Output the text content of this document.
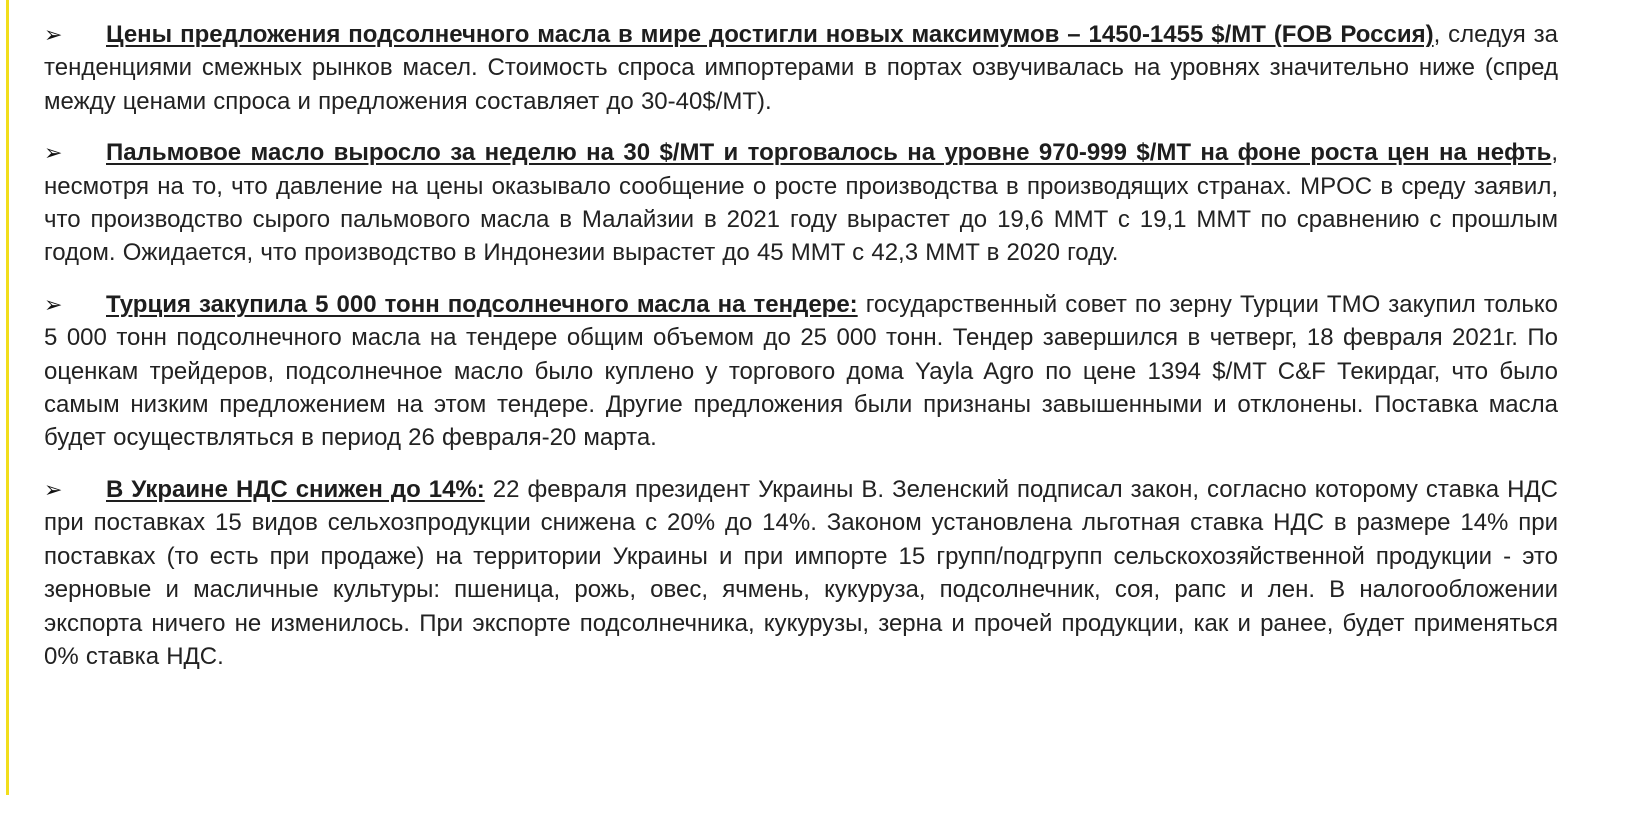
➢ Цены предложения подсолнечного масла в мире достигли новых максимумов – 1450-1455 $/MT (FOB Россия), следуя за тенденциями смежных рынков масел. Стоимость спроса импортерами в портах озвучивалась на уровнях значительно ниже (спред между ценами спроса и предложения составляет до 30-40$/MT).

➢ Пальмовое масло выросло за неделю на 30 $/MT и торговалось на уровне 970-999 $/MT на фоне роста цен на нефть, несмотря на то, что давление на цены оказывало сообщение о росте производства в производящих странах. MPOC в среду заявил, что производство сырого пальмового масла в Малайзии в 2021 году вырастет до 19,6 MMT с 19,1 MMT по сравнению с прошлым годом. Ожидается, что производство в Индонезии вырастет до 45 MMT с 42,3 MMT в 2020 году.

➢ Турция закупила 5 000 тонн подсолнечного масла на тендере: государственный совет по зерну Турции TMO закупил только 5 000 тонн подсолнечного масла на тендере общим объемом до 25 000 тонн. Тендер завершился в четверг, 18 февраля 2021г. По оценкам трейдеров, подсолнечное масло было куплено у торгового дома Yayla Agro по цене 1394 $/MT C&F Текирдаг, что было самым низким предложением на этом тендере. Другие предложения были признаны завышенными и отклонены. Поставка масла будет осуществляться в период 26 февраля-20 марта.

➢ В Украине НДС снижен до 14%: 22 февраля президент Украины В. Зеленский подписал закон, согласно которому ставка НДС при поставках 15 видов сельхозпродукции снижена с 20% до 14%. Законом установлена льготная ставка НДС в размере 14% при поставках (то есть при продаже) на территории Украины и при импорте 15 групп/подгрупп сельскохозяйственной продукции - это зерновые и масличные культуры: пшеница, рожь, овес, ячмень, кукуруза, подсолнечник, соя, рапс и лен. В налогообложении экспорта ничего не изменилось. При экспорте подсолнечника, кукурузы, зерна и прочей продукции, как и ранее, будет применяться 0% ставка НДС.
